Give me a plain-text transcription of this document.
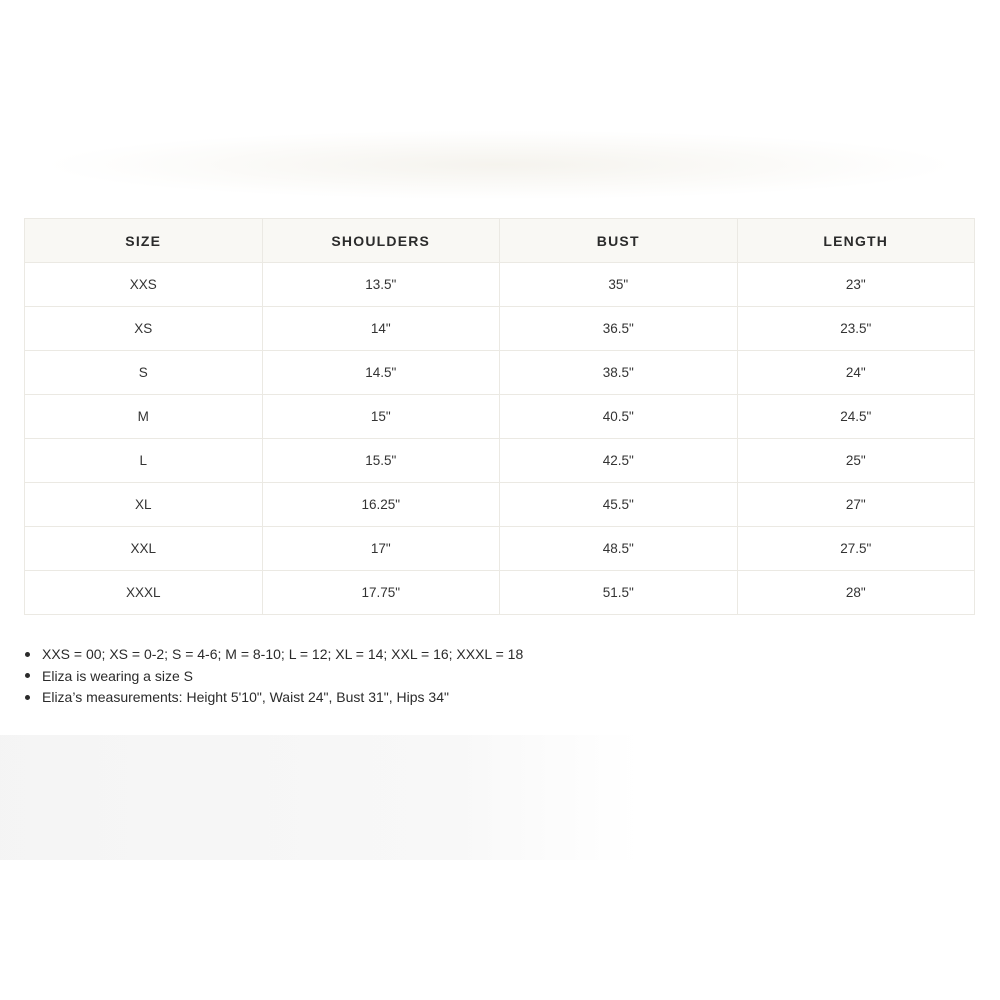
SIZE	SHOULDERS	BUST	LENGTH
XXS	13.5"	35"	23"
XS	14"	36.5"	23.5"
S	14.5"	38.5"	24"
M	15"	40.5"	24.5"
L	15.5"	42.5"	25"
XL	16.25"	45.5"	27"
XXL	17"	48.5"	27.5"
XXXL	17.75"	51.5"	28"
XXS = 00; XS = 0-2; S = 4-6; M = 8-10; L = 12; XL = 14; XXL = 16; XXXL = 18
Eliza is wearing a size S
Eliza’s measurements: Height 5'10", Waist 24", Bust 31", Hips 34"
